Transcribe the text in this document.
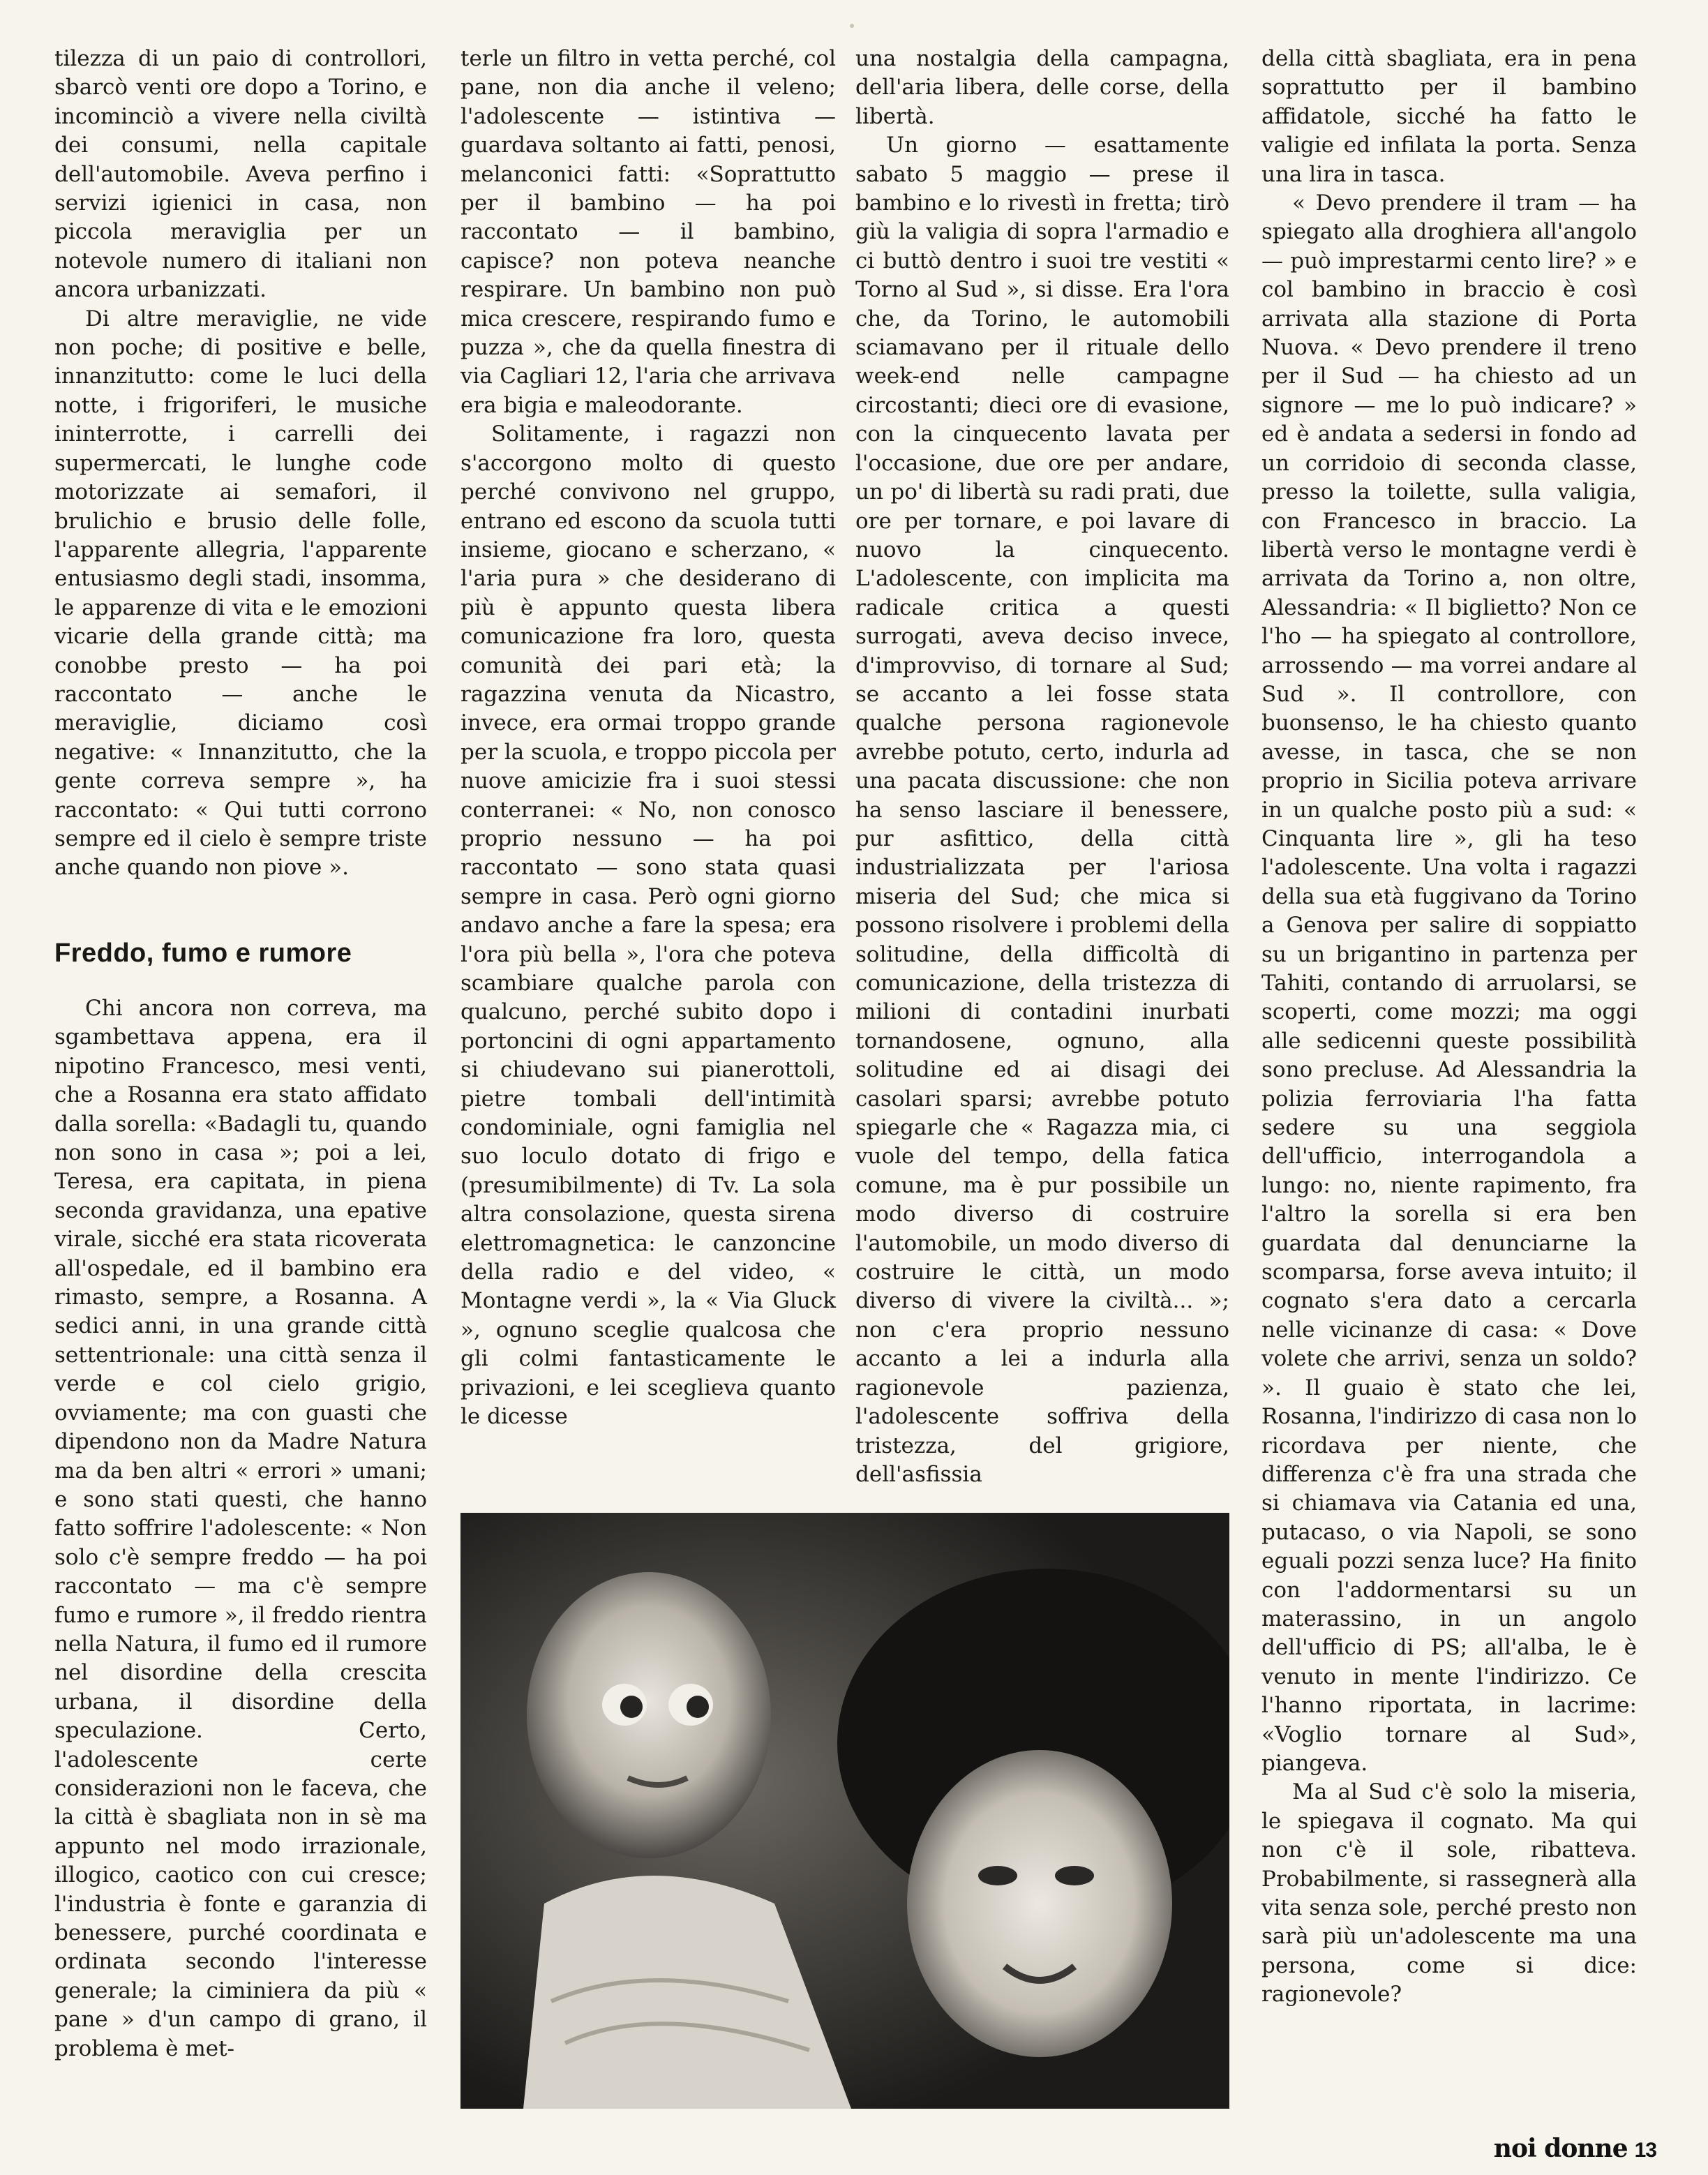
tilezza di un paio di controllori, sbarcò venti ore dopo a Torino, e incominciò a vivere nella civiltà dei consumi, nella capitale dell'automobile. Aveva perfino i servizi igienici in casa, non piccola meraviglia per un notevole numero di italiani non ancora urbanizzati.

Di altre meraviglie, ne vide non poche; di positive e belle, innanzitutto: come le luci della notte, i frigoriferi, le musiche ininterrotte, i carrelli dei supermercati, le lunghe code motorizzate ai semafori, il brulichio e brusio delle folle, l'apparente allegria, l'apparente entusiasmo degli stadi, insomma, le apparenze di vita e le emozioni vicarie della grande città; ma conobbe presto — ha poi raccontato — anche le meraviglie, diciamo così negative: « Innanzitutto, che la gente correva sempre », ha raccontato: « Qui tutti corrono sempre ed il cielo è sempre triste anche quando non piove ».

Freddo, fumo e rumore

Chi ancora non correva, ma sgambettava appena, era il nipotino Francesco, mesi venti, che a Rosanna era stato affidato dalla sorella: «Badagli tu, quando non sono in casa »; poi a lei, Teresa, era capitata, in piena seconda gravidanza, una epative virale, sicché era stata ricoverata all'ospedale, ed il bambino era rimasto, sempre, a Rosanna. A sedici anni, in una grande città settentrionale: una città senza il verde e col cielo grigio, ovviamente; ma con guasti che dipendono non da Madre Natura ma da ben altri « errori » umani; e sono stati questi, che hanno fatto soffrire l'adolescente: « Non solo c'è sempre freddo — ha poi raccontato — ma c'è sempre fumo e rumore », il freddo rientra nella Natura, il fumo ed il rumore nel disordine della crescita urbana, il disordine della speculazione. Certo, l'adolescente certe considerazioni non le faceva, che la città è sbagliata non in sè ma appunto nel modo irrazionale, illogico, caotico con cui cresce; l'industria è fonte e garanzia di benessere, purché coordinata e ordinata secondo l'interesse generale; la ciminiera da più « pane » d'un campo di grano, il problema è met-

terle un filtro in vetta perché, col pane, non dia anche il veleno; l'adolescente — istintiva — guardava soltanto ai fatti, penosi, melanconici fatti: «Soprattutto per il bambino — ha poi raccontato — il bambino, capisce? non poteva neanche respirare. Un bambino non può mica crescere, respirando fumo e puzza », che da quella finestra di via Cagliari 12, l'aria che arrivava era bigia e maleodorante.

Solitamente, i ragazzi non s'accorgono molto di questo perché convivono nel gruppo, entrano ed escono da scuola tutti insieme, giocano e scherzano, « l'aria pura » che desiderano di più è appunto questa libera comunicazione fra loro, questa comunità dei pari età; la ragazzina venuta da Nicastro, invece, era ormai troppo grande per la scuola, e troppo piccola per nuove amicizie fra i suoi stessi conterranei: « No, non conosco proprio nessuno — ha poi raccontato — sono stata quasi sempre in casa. Però ogni giorno andavo anche a fare la spesa; era l'ora più bella », l'ora che poteva scambiare qualche parola con qualcuno, perché subito dopo i portoncini di ogni appartamento si chiudevano sui pianerottoli, pietre tombali dell'intimità condominiale, ogni famiglia nel suo loculo dotato di frigo e (presumibilmente) di Tv. La sola altra consolazione, questa sirena elettromagnetica: le canzoncine della radio e del video, « Montagne verdi », la « Via Gluck », ognuno sceglie qualcosa che gli colmi fantasticamente le privazioni, e lei sceglieva quanto le dicesse

una nostalgia della campagna, dell'aria libera, delle corse, della libertà.

Un giorno — esattamente sabato 5 maggio — prese il bambino e lo rivestì in fretta; tirò giù la valigia di sopra l'armadio e ci buttò dentro i suoi tre vestiti « Torno al Sud », si disse. Era l'ora che, da Torino, le automobili sciamavano per il rituale dello week-end nelle campagne circostanti; dieci ore di evasione, con la cinquecento lavata per l'occasione, due ore per andare, un po' di libertà su radi prati, due ore per tornare, e poi lavare di nuovo la cinquecento. L'adolescente, con implicita ma radicale critica a questi surrogati, aveva deciso invece, d'improvviso, di tornare al Sud; se accanto a lei fosse stata qualche persona ragionevole avrebbe potuto, certo, indurla ad una pacata discussione: che non ha senso lasciare il benessere, pur asfittico, della città industrializzata per l'ariosa miseria del Sud; che mica si possono risolvere i problemi della solitudine, della difficoltà di comunicazione, della tristezza di milioni di contadini inurbati tornandosene, ognuno, alla solitudine ed ai disagi dei casolari sparsi; avrebbe potuto spiegarle che « Ragazza mia, ci vuole del tempo, della fatica comune, ma è pur possibile un modo diverso di costruire l'automobile, un modo diverso di costruire le città, un modo diverso di vivere la civiltà... »; non c'era proprio nessuno accanto a lei a indurla alla ragionevole pazienza, l'adolescente soffriva della tristezza, del grigiore, dell'asfissia

della città sbagliata, era in pena soprattutto per il bambino affidatole, sicché ha fatto le valigie ed infilata la porta. Senza una lira in tasca.

« Devo prendere il tram — ha spiegato alla droghiera all'angolo — può imprestarmi cento lire? » e col bambino in braccio è così arrivata alla stazione di Porta Nuova. « Devo prendere il treno per il Sud — ha chiesto ad un signore — me lo può indicare? » ed è andata a sedersi in fondo ad un corridoio di seconda classe, presso la toilette, sulla valigia, con Francesco in braccio. La libertà verso le montagne verdi è arrivata da Torino a, non oltre, Alessandria: « Il biglietto? Non ce l'ho — ha spiegato al controllore, arrossendo — ma vorrei andare al Sud ». Il controllore, con buonsenso, le ha chiesto quanto avesse, in tasca, che se non proprio in Sicilia poteva arrivare in un qualche posto più a sud: « Cinquanta lire », gli ha teso l'adolescente. Una volta i ragazzi della sua età fuggivano da Torino a Genova per salire di soppiatto su un brigantino in partenza per Tahiti, contando di arruolarsi, se scoperti, come mozzi; ma oggi alle sedicenni queste possibilità sono precluse. Ad Alessandria la polizia ferroviaria l'ha fatta sedere su una seggiola dell'ufficio, interrogandola a lungo: no, niente rapimento, fra l'altro la sorella si era ben guardata dal denunciarne la scomparsa, forse aveva intuito; il cognato s'era dato a cercarla nelle vicinanze di casa: « Dove volete che arrivi, senza un soldo? ». Il guaio è stato che lei, Rosanna, l'indirizzo di casa non lo ricordava per niente, che differenza c'è fra una strada che si chiamava via Catania ed una, putacaso, o via Napoli, se sono eguali pozzi senza luce? Ha finito con l'addormentarsi su un materassino, in un angolo dell'ufficio di PS; all'alba, le è venuto in mente l'indirizzo. Ce l'hanno riportata, in lacrime: «Voglio tornare al Sud», piangeva.

Ma al Sud c'è solo la miseria, le spiegava il cognato. Ma qui non c'è il sole, ribatteva. Probabilmente, si rassegnerà alla vita senza sole, perché presto non sarà più un'adolescente ma una persona, come si dice: ragionevole?

noi donne 13
